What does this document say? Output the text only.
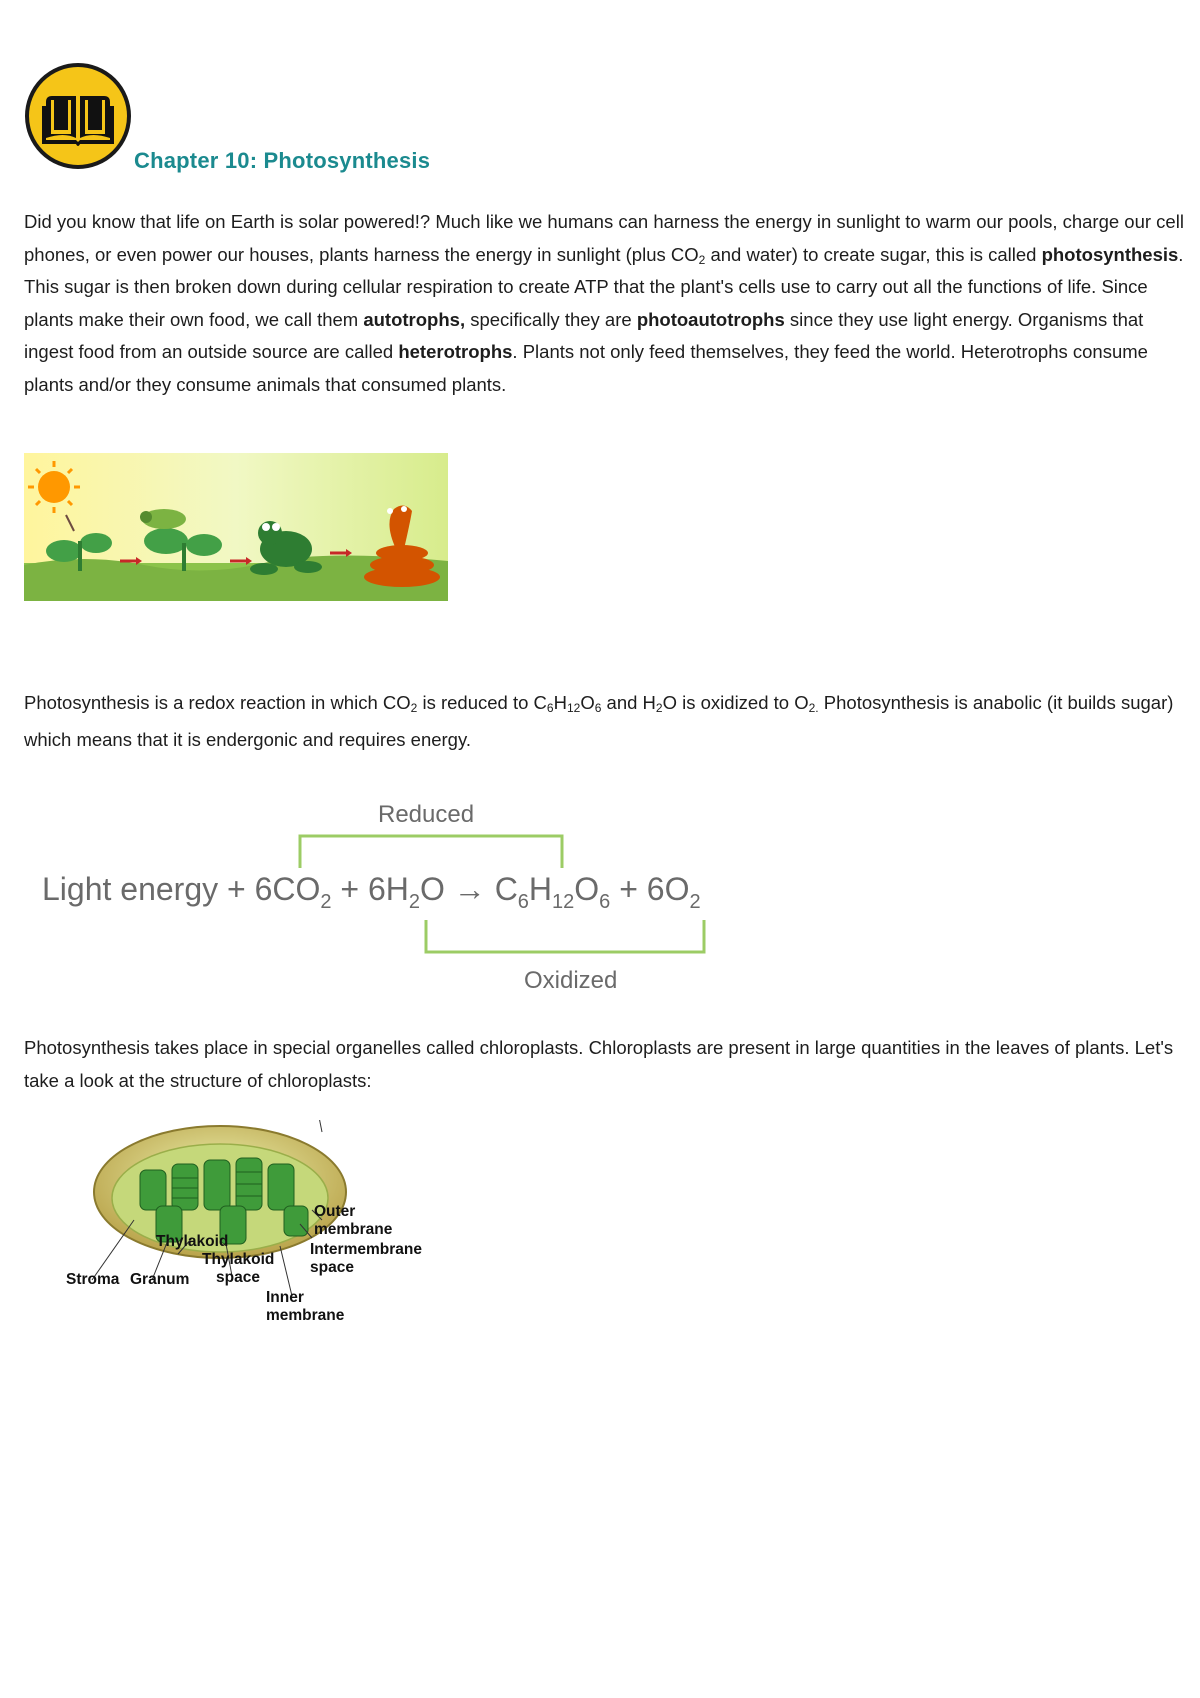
Chapter 10: Photosynthesis
Did you know that life on Earth is solar powered!? Much like we humans can harness the energy in sunlight to warm our pools, charge our cell phones, or even power our houses, plants harness the energy in sunlight (plus $CO_2$ and water) to create sugar, this is called photosynthesis. This sugar is then broken down during cellular respiration to create ATP that the plant's cells use to carry out all the functions of life. Since plants make their own food, we call them autotrophs, specifically they are photoautotrophs since they use light energy. Organisms that ingest food from an outside source are called heterotrophs. Plants not only feed themselves, they feed the world. Heterotrophs consume plants and/or they consume animals that consumed plants.
Photosynthesis is a redox reaction in which $CO_2$ is reduced to $C_6H_{12}O_6$ and $H_2O$ is oxidized to $O_{2.}$ Photosynthesis is anabolic (it builds sugar) which means that it is endergonic and requires energy.
Reduced
Light energy + $6CO_2 + 6H_2O \to C_6H_{12}O_6 + 6O_2$
Oxidized
Photosynthesis takes place in special organelles called chloroplasts. Chloroplasts are present in large quantities in the leaves of plants. Let's take a look at the structure of chloroplasts:
Outer
membrane
Intermembrane
space
Thylakoid
Thylakoid
space
Stroma Granum
Inner
membrane
